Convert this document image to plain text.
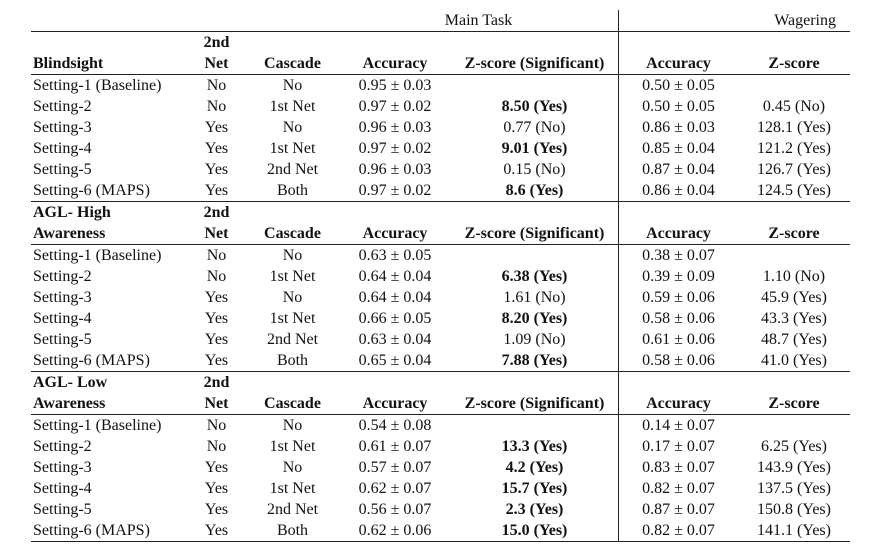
			Main Task		Wagering	
	2nd					
Blindsight	Net	Cascade	Accuracy	Z-score (Significant)	Accuracy	Z-score
Setting-1 (Baseline)	No	No	0.95 ± 0.03		0.50 ± 0.05	
Setting-2	No	1st Net	0.97 ± 0.02	8.50 (Yes)	0.50 ± 0.05	0.45 (No)
Setting-3	Yes	No	0.96 ± 0.03	0.77 (No)	0.86 ± 0.03	128.1 (Yes)
Setting-4	Yes	1st Net	0.97 ± 0.02	9.01 (Yes)	0.85 ± 0.04	121.2 (Yes)
Setting-5	Yes	2nd Net	0.96 ± 0.03	0.15 (No)	0.87 ± 0.04	126.7 (Yes)
Setting-6 (MAPS)	Yes	Both	0.97 ± 0.02	8.6 (Yes)	0.86 ± 0.04	124.5 (Yes)
AGL- High	2nd					
Awareness	Net	Cascade	Accuracy	Z-score (Significant)	Accuracy	Z-score
Setting-1 (Baseline)	No	No	0.63 ± 0.05		0.38 ± 0.07	
Setting-2	No	1st Net	0.64 ± 0.04	6.38 (Yes)	0.39 ± 0.09	1.10 (No)
Setting-3	Yes	No	0.64 ± 0.04	1.61 (No)	0.59 ± 0.06	45.9 (Yes)
Setting-4	Yes	1st Net	0.66 ± 0.05	8.20 (Yes)	0.58 ± 0.06	43.3 (Yes)
Setting-5	Yes	2nd Net	0.63 ± 0.04	1.09 (No)	0.61 ± 0.06	48.7 (Yes)
Setting-6 (MAPS)	Yes	Both	0.65 ± 0.04	7.88 (Yes)	0.58 ± 0.06	41.0 (Yes)
AGL- Low	2nd					
Awareness	Net	Cascade	Accuracy	Z-score (Significant)	Accuracy	Z-score
Setting-1 (Baseline)	No	No	0.54 ± 0.08		0.14 ± 0.07	
Setting-2	No	1st Net	0.61 ± 0.07	13.3 (Yes)	0.17 ± 0.07	6.25 (Yes)
Setting-3	Yes	No	0.57 ± 0.07	4.2 (Yes)	0.83 ± 0.07	143.9 (Yes)
Setting-4	Yes	1st Net	0.62 ± 0.07	15.7 (Yes)	0.82 ± 0.07	137.5 (Yes)
Setting-5	Yes	2nd Net	0.56 ± 0.07	2.3 (Yes)	0.87 ± 0.07	150.8 (Yes)
Setting-6 (MAPS)	Yes	Both	0.62 ± 0.06	15.0 (Yes)	0.82 ± 0.07	141.1 (Yes)
